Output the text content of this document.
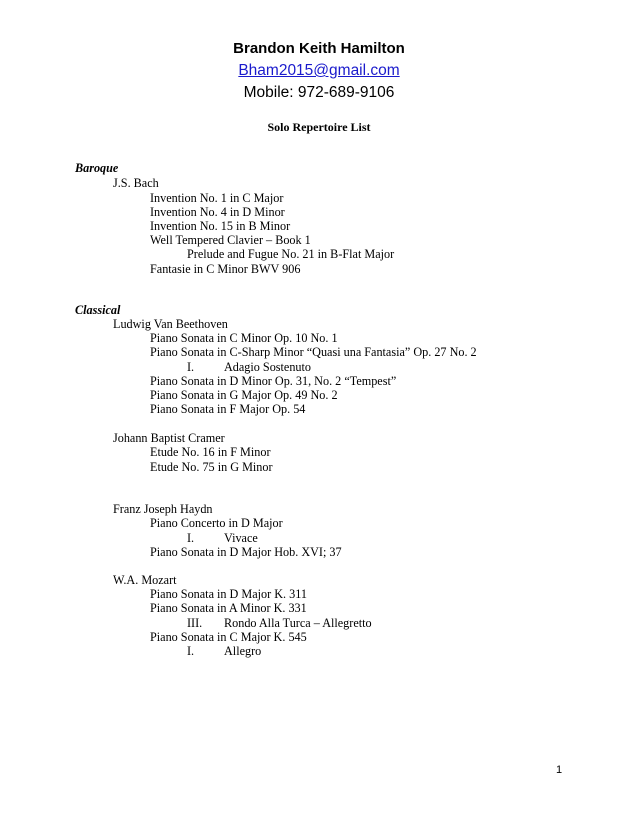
Brandon Keith Hamilton
Bham2015@gmail.com
Mobile: 972-689-9106
Solo Repertoire List
Baroque
J.S. Bach
Invention No. 1 in C Major
Invention No. 4 in D Minor
Invention No. 15 in B Minor
Well Tempered Clavier – Book 1
Prelude and Fugue No. 21 in B-Flat Major
Fantasie in C Minor BWV 906
Classical
Ludwig Van Beethoven
Piano Sonata in C Minor Op. 10 No. 1
Piano Sonata in C-Sharp Minor “Quasi una Fantasia” Op. 27 No. 2
I. Adagio Sostenuto
Piano Sonata in D Minor Op. 31, No. 2 “Tempest”
Piano Sonata in G Major Op. 49 No. 2
Piano Sonata in F Major Op. 54
Johann Baptist Cramer
Etude No. 16 in F Minor
Etude No. 75 in G Minor
Franz Joseph Haydn
Piano Concerto in D Major
I. Vivace
Piano Sonata in D Major Hob. XVI; 37
W.A. Mozart
Piano Sonata in D Major K. 311
Piano Sonata in A Minor K. 331
III. Rondo Alla Turca – Allegretto
Piano Sonata in C Major K. 545
I. Allegro
1
